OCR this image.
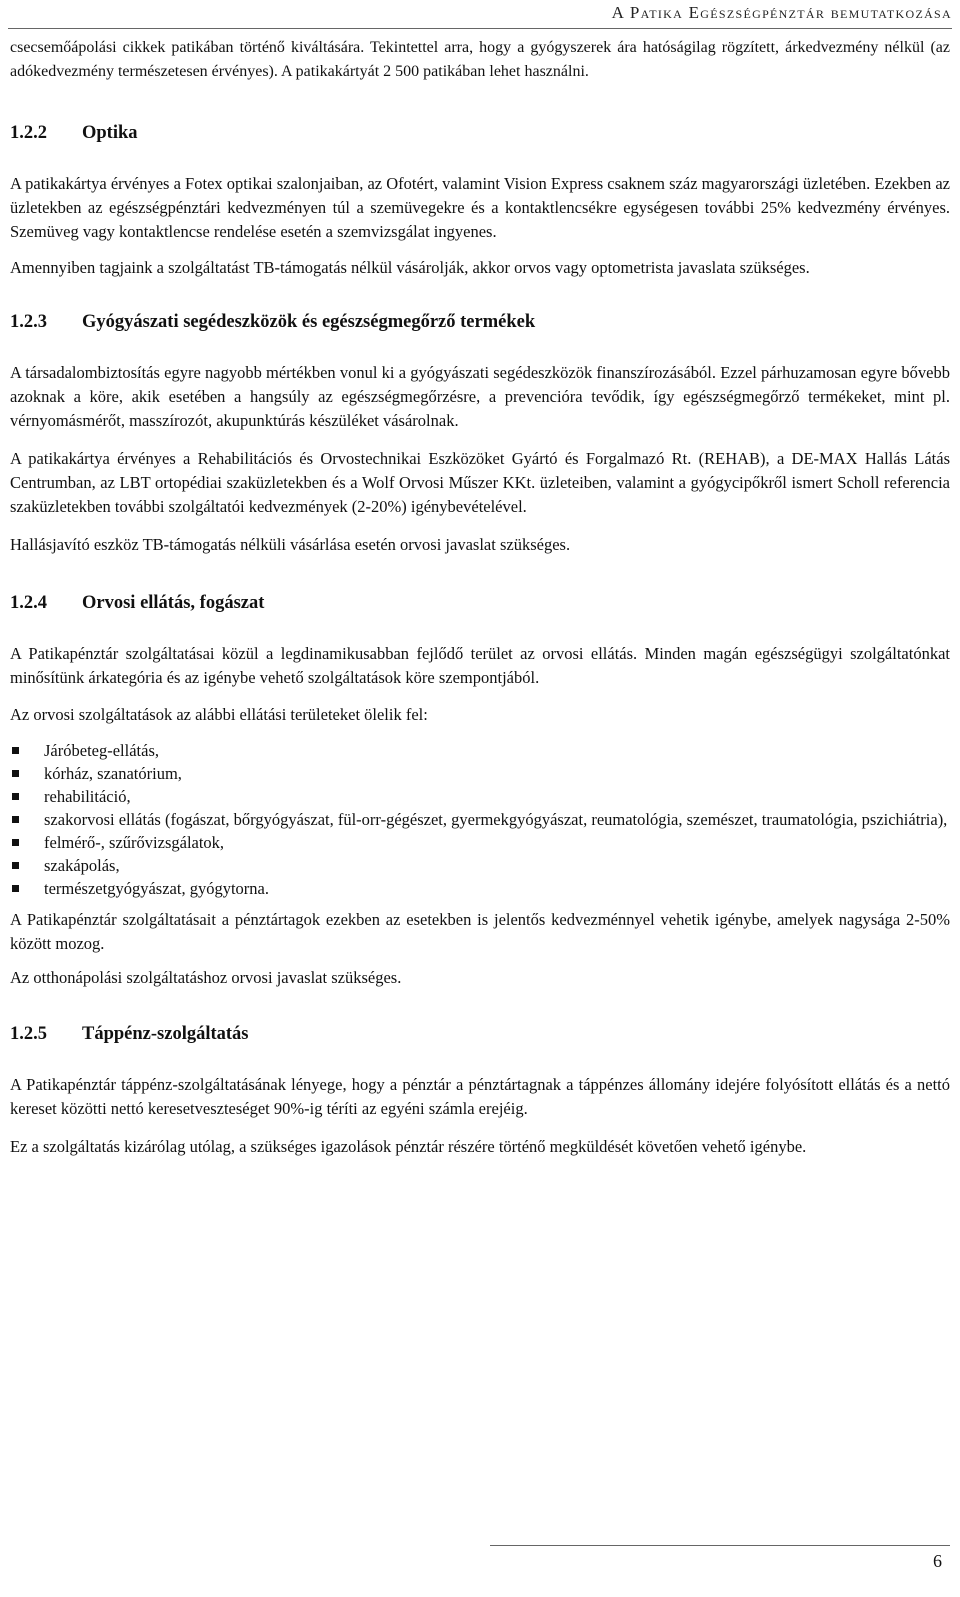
A Patika Egészségpénztár bemutatkozása

csecsemőápolási cikkek patikában történő kiváltására. Tekintettel arra, hogy a gyógyszerek ára hatóságilag rögzített, árkedvezmény nélkül (az adókedvezmény természetesen érvényes). A patikakártyát 2 500 patikában lehet használni.

1.2.2	Optika

A patikakártya érvényes a Fotex optikai szalonjaiban, az Ofotért, valamint Vision Express csaknem száz magyarországi üzletében. Ezekben az üzletekben az egészségpénztári kedvezményen túl a szemüvegekre és a kontaktlencsékre egységesen további 25% kedvezmény érvényes. Szemüveg vagy kontaktlencse rendelése esetén a szemvizsgálat ingyenes.

Amennyiben tagjaink a szolgáltatást TB-támogatás nélkül vásárolják, akkor orvos vagy optometrista javaslata szükséges.

1.2.3	Gyógyászati segédeszközök és egészségmegőrző termékek

A társadalombiztosítás egyre nagyobb mértékben vonul ki a gyógyászati segédeszközök finanszírozásából. Ezzel párhuzamosan egyre bővebb azoknak a köre, akik esetében a hangsúly az egészségmegőrzésre, a prevencióra tevődik, így egészségmegőrző termékeket, mint pl. vérnyomásmérőt, masszírozót, akupunktúrás készüléket vásárolnak.

A patikakártya érvényes a Rehabilitációs és Orvostechnikai Eszközöket Gyártó és Forgalmazó Rt. (REHAB), a DE-MAX Hallás Látás Centrumban, az LBT ortopédiai szaküzletekben és a Wolf Orvosi Műszer KKt. üzleteiben, valamint a gyógycipőkről ismert Scholl referencia szaküzletekben további szolgáltatói kedvezmények (2-20%) igénybevételével.

Hallásjavító eszköz TB-támogatás nélküli vásárlása esetén orvosi javaslat szükséges.

1.2.4	Orvosi ellátás, fogászat

A Patikapénztár szolgáltatásai közül a legdinamikusabban fejlődő terület az orvosi ellátás. Minden magán egészségügyi szolgáltatónkat minősítünk árkategória és az igénybe vehető szolgáltatások köre szempontjából.

Az orvosi szolgáltatások az alábbi ellátási területeket ölelik fel:

Járóbeteg-ellátás,
kórház, szanatórium,
rehabilitáció,
szakorvosi ellátás (fogászat, bőrgyógyászat, fül-orr-gégészet, gyermekgyógyászat, reumatológia, szemészet, traumatológia, pszichiátria),
felmérő-, szűrővizsgálatok,
szakápolás,
természetgyógyászat, gyógytorna.

A Patikapénztár szolgáltatásait a pénztártagok ezekben az esetekben is jelentős kedvezménnyel vehetik igénybe, amelyek nagysága 2-50% között mozog.

Az otthonápolási szolgáltatáshoz orvosi javaslat szükséges.

1.2.5	Táppénz-szolgáltatás

A Patikapénztár táppénz-szolgáltatásának lényege, hogy a pénztár a pénztártagnak a táppénzes állomány idejére folyósított ellátás és a nettó kereset közötti nettó keresetveszteséget 90%-ig téríti az egyéni számla erejéig.

Ez a szolgáltatás kizárólag utólag, a szükséges igazolások pénztár részére történő megküldését követően vehető igénybe.

6
